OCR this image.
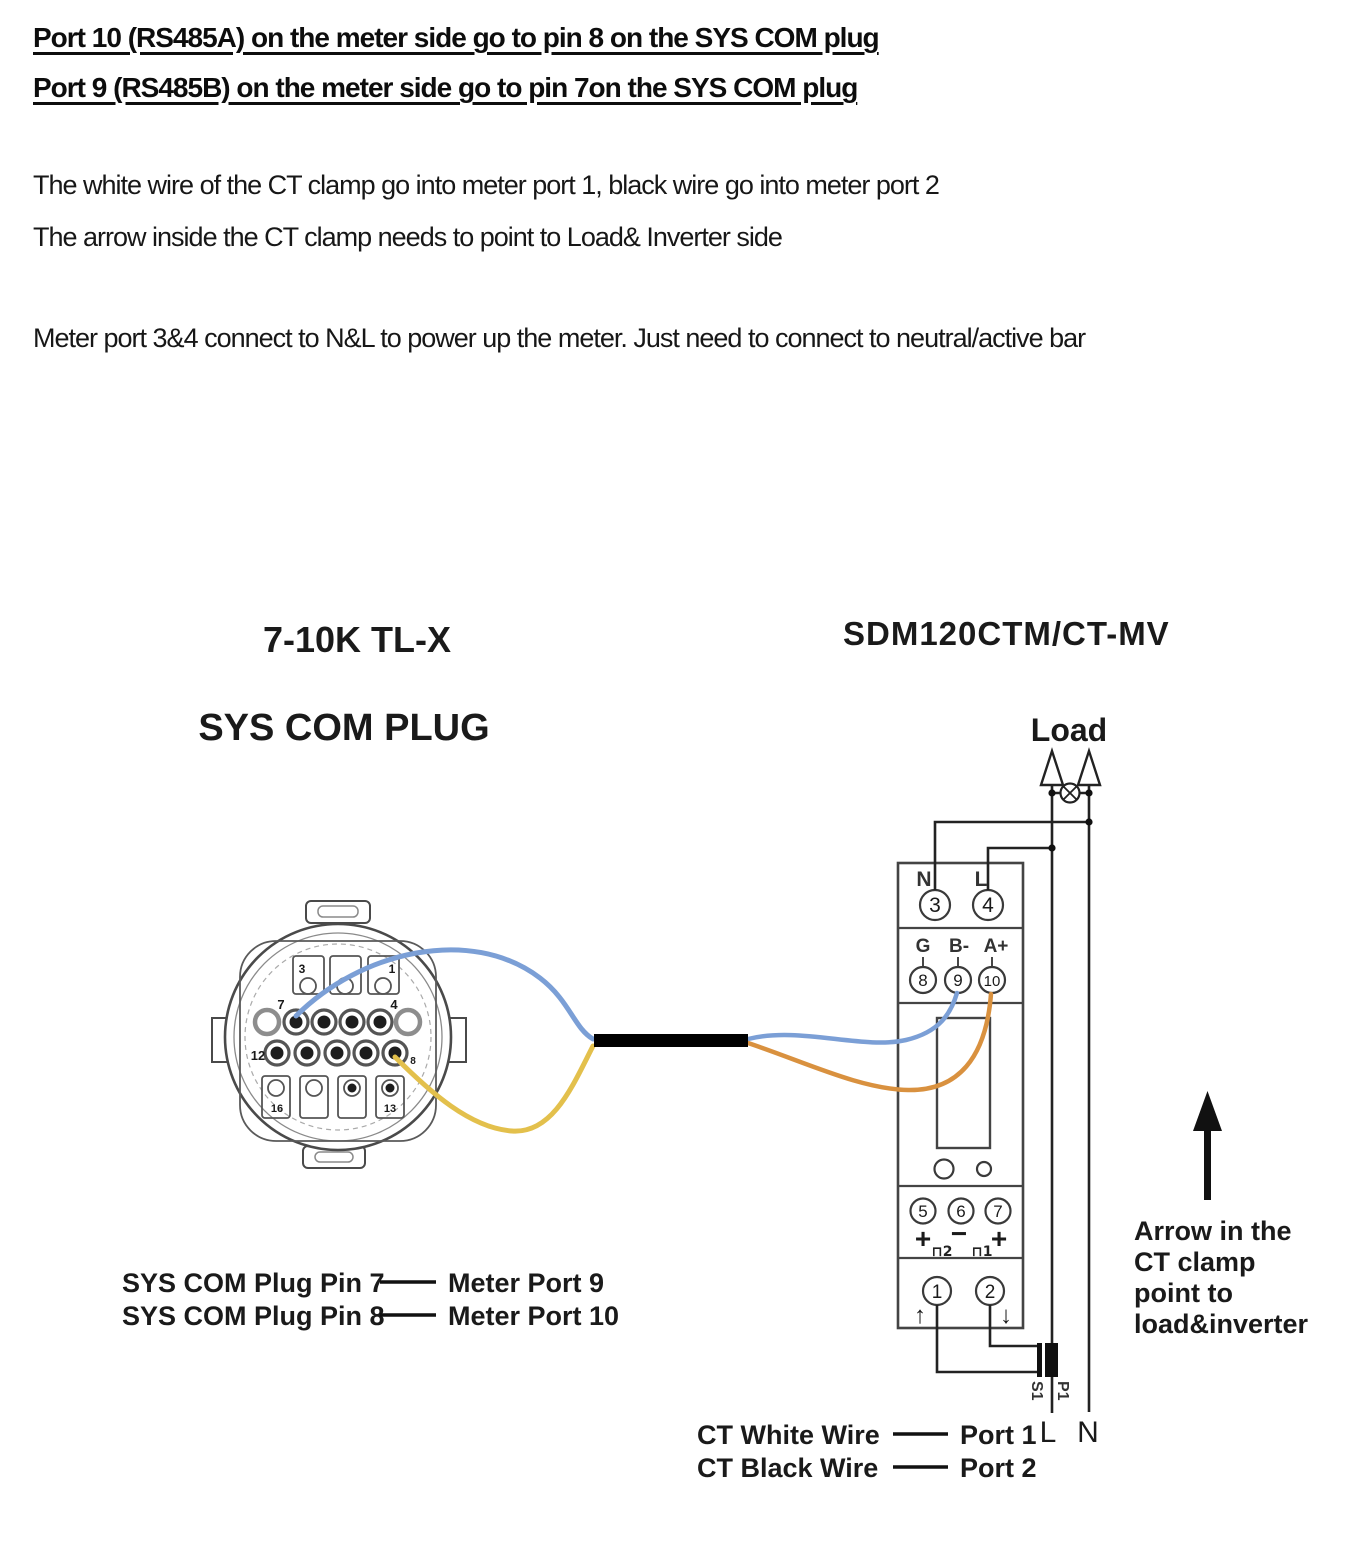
Port 10 (RS485A) on the meter side go to pin 8 on the SYS COM plug
Port 9 (RS485B) on the meter side go to pin 7on the SYS COM plug
The white wire of the CT clamp go into meter port 1, black wire go into meter port 2
The arrow inside the CT clamp needs to point to Load& Inverter side
Meter port 3&4 connect to N&L to power up the meter. Just need to connect to neutral/active bar
7-10K TL-X
SYS COM PLUG
SDM120CTM/CT-MV
Load
3	1
7	4
12	8
16	13
N L
3 4
G B- A+
8 9 10
5 6 7
+ − +
⊓2 ⊓1
1 2
↑	↓
S1 P1
L N
SYS COM Plug Pin 7 Meter Port 9
SYS COM Plug Pin 8 Meter Port 10
CT White Wire	Port 1
CT Black Wire	Port 2
Arrow in the
CT clamp
point to
load&inverter
